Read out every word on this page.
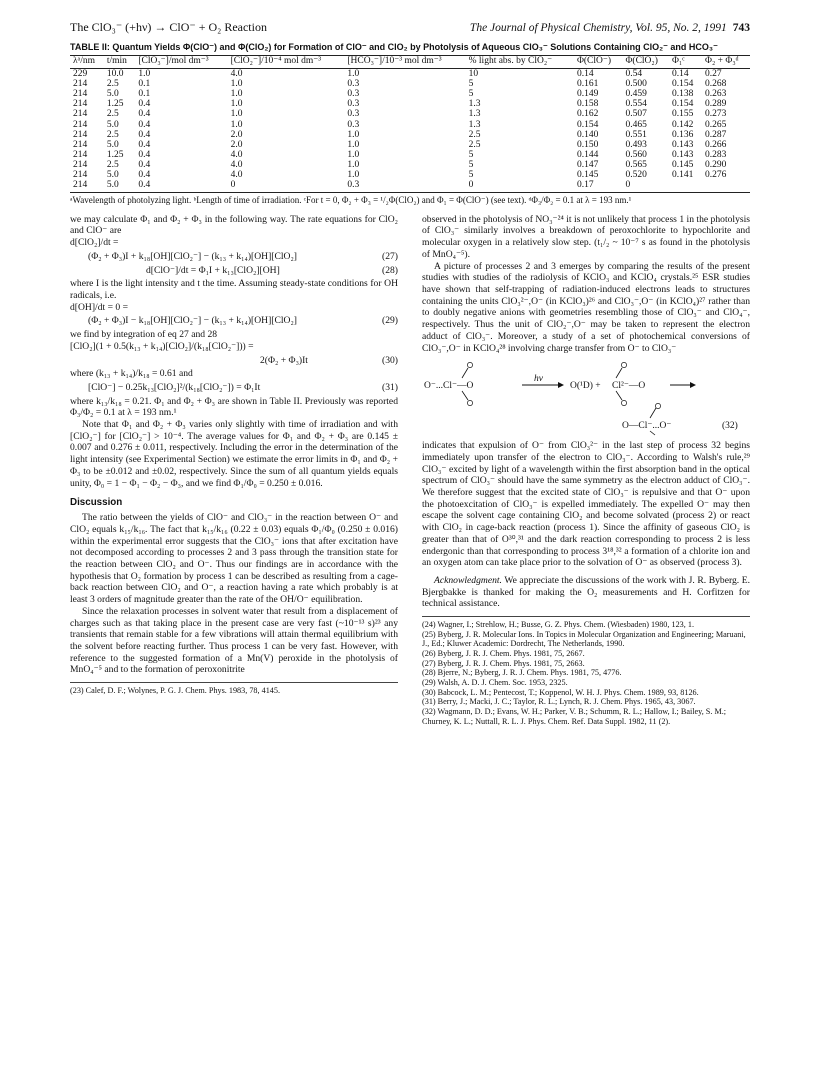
The ClO₃⁻ (+hν) → ClO⁻ + O₂ Reaction	The Journal of Physical Chemistry, Vol. 95, No. 2, 1991 743
TABLE II: Quantum Yields Φ(ClO⁻) and Φ(ClO₂) for Formation of ClO⁻ and ClO₂ by Photolysis of Aqueous ClO₃⁻ Solutions Containing ClO₂⁻ and HCO₃⁻
λᵃ/nm	t/min	[ClO₃⁻]/mol dm⁻³	[ClO₂⁻]/10⁻⁴ mol dm⁻³	[HCO₃⁻]/10⁻³ mol dm⁻³	% light abs. by ClO₂⁻	Φ(ClO⁻)	Φ(ClO₂)	Φ₁ᶜ	Φ₂ + Φ₃ᵈ
229	10.0	1.0	4.0	1.0	10	0.14	0.54	0.14	0.27
214	2.5	0.1	1.0	0.3	5	0.161	0.500	0.154	0.268
214	5.0	0.1	1.0	0.3	5	0.149	0.459	0.138	0.263
214	1.25	0.4	1.0	0.3	1.3	0.158	0.554	0.154	0.289
214	2.5	0.4	1.0	0.3	1.3	0.162	0.507	0.155	0.273
214	5.0	0.4	1.0	0.3	1.3	0.154	0.465	0.142	0.265
214	2.5	0.4	2.0	1.0	2.5	0.140	0.551	0.136	0.287
214	5.0	0.4	2.0	1.0	2.5	0.150	0.493	0.143	0.266
214	1.25	0.4	4.0	1.0	5	0.144	0.560	0.143	0.283
214	2.5	0.4	4.0	1.0	5	0.147	0.565	0.145	0.290
214	5.0	0.4	4.0	1.0	5	0.145	0.520	0.141	0.276
214	5.0	0.4	0	0.3	0	0.17	0		
ᵃWavelength of photolyzing light. ᵇLength of time of irradiation. ᶜFor t = 0, Φ₂ + Φ₃ = ¹/₂Φ(ClO₂) and Φ₁ = Φ(ClO⁻) (see text). ᵈΦ₃/Φ₂ = 0.1 at λ = 193 nm.¹

we may calculate Φ₁ and Φ₂ + Φ₃ in the following way. The rate equations for ClO₂ and ClO⁻ are

d[ClO₂]/dt =
(Φ₂ + Φ₃)I + k₁₈[OH][ClO₂⁻] − (k₁₃ + k₁₄)[OH][ClO₂]	(27)
d[ClO⁻]/dt = Φ₁I + k₁₃[ClO₂][OH]	(28)

where I is the light intensity and t the time. Assuming steady-state conditions for OH radicals, i.e.

d[OH]/dt = 0 =
(Φ₂ + Φ₃)I − k₁₈[OH][ClO₂⁻] − (k₁₃ + k₁₄)[OH][ClO₂]	(29)

we find by integration of eq 27 and 28

[ClO₂](1 + 0.5(k₁₃ + k₁₄)[ClO₂]/(k₁₈[ClO₂⁻])) =
2(Φ₂ + Φ₃)It	(30)

where (k₁₃ + k₁₄)/k₁₈ = 0.61 and

[ClO⁻] − 0.25k₁₃[ClO₂]²/(k₁₈[ClO₂⁻]) = Φ₁It	(31)

where k₁₃/k₁₈ = 0.21. Φ₁ and Φ₂ + Φ₃ are shown in Table II. Previously was reported Φ₃/Φ₂ = 0.1 at λ = 193 nm.¹

Note that Φ₁ and Φ₂ + Φ₃ varies only slightly with time of irradiation and with [ClO₂⁻] for [ClO₂⁻] > 10⁻⁴. The average values for Φ₁ and Φ₂ + Φ₃ are 0.145 ± 0.007 and 0.276 ± 0.011, respectively. Including the error in the determination of the light intensity (see Experimental Section) we estimate the error limits in Φ₁ and Φ₂ + Φ₃ to be ±0.012 and ±0.02, respectively. Since the sum of all quantum yields equals unity, Φ₀ = 1 − Φ₁ − Φ₂ − Φ₃, and we find Φ₁/Φ₀ = 0.250 ± 0.016.

Discussion

The ratio between the yields of ClO⁻ and ClO₃⁻ in the reaction between O⁻ and ClO₂ equals k₁₅/k₁₆. The fact that k₁₅/k₁₆ (0.22 ± 0.03) equals Φ₁/Φ₀ (0.250 ± 0.016) within the experimental error suggests that the ClO₃⁻ ions that after excitation have not decomposed according to processes 2 and 3 pass through the transition state for the reaction between ClO₂ and O⁻. Thus our findings are in accordance with the hypothesis that O₂ formation by process 1 can be described as resulting from a cage-back reaction between ClO₂ and O⁻, a reaction having a rate which probably is at least 3 orders of magnitude greater than the rate of the OH/O⁻ equilibration.

Since the relaxation processes in solvent water that result from a displacement of charges such as that taking place in the present case are very fast (~10⁻¹³ s)²³ any transients that remain stable for a few vibrations will attain thermal equilibrium with the solvent before reacting further. Thus process 1 can be very fast. However, with reference to the suggested formation of a Mn(V) peroxide in the photolysis of MnO₄⁻⁵ and to the formation of peroxonitrite

(23) Calef, D. F.; Wolynes, P. G. J. Chem. Phys. 1983, 78, 4145.

observed in the photolysis of NO₃⁻²⁴ it is not unlikely that process 1 in the photolysis of ClO₃⁻ similarly involves a breakdown of peroxochlorite to hypochlorite and molecular oxygen in a relatively slow step. (t₁/₂ ~ 10⁻⁷ s as found in the photolysis of MnO₄⁻⁵).

A picture of processes 2 and 3 emerges by comparing the results of the present studies with studies of the radiolysis of KClO₃ and KClO₄ crystals.²⁵ ESR studies have shown that self-trapping of radiation-induced electrons leads to structures containing the units ClO₃²⁻,O⁻ (in KClO₃)²⁶ and ClO₃⁻,O⁻ (in KClO₄)²⁷ rather than to doubly negative anions with geometries resembling those of ClO₃⁻ and ClO₄⁻, respectively. Thus the unit of ClO₂⁻,O⁻ may be taken to represent the electron adduct of ClO₃⁻. Moreover, a study of a set of photochemical conversions of ClO₃⁻,O⁻ in KClO₄²⁸ involving charge transfer from O⁻ to ClO₃⁻

O⁻...Cl⁻—O
hν
O(¹D) + Cl²⁻—O
O—Cl⁻...O⁻	(32)

indicates that expulsion of O⁻ from ClO₃²⁻ in the last step of process 32 begins immediately upon transfer of the electron to ClO₃⁻. According to Walsh's rule,²⁹ ClO₃⁻ excited by light of a wavelength within the first absorption band in the optical spectrum of ClO₃⁻ should have the same symmetry as the electron adduct of ClO₃⁻. We therefore suggest that the excited state of ClO₃⁻ is repulsive and that O⁻ upon the photoexcitation of ClO₃⁻ is expelled immediately. The expelled O⁻ may then escape the solvent cage containing ClO₂ and become solvated (process 2) or react with ClO₂ in cage-back reaction (process 1). Since the affinity of gaseous ClO₂ is greater than that of O³⁰,³¹ and the dark reaction corresponding to process 2 is less endergonic than that corresponding to process 3¹⁸,³² a formation of a chlorite ion and an oxygen atom can take place prior to the solvation of O⁻ as observed (process 3).

Acknowledgment. We appreciate the discussions of the work with J. R. Byberg. E. Bjergbakke is thanked for making the O₂ measurements and H. Corfitzen for technical assistance.

(24) Wagner, I.; Strehlow, H.; Busse, G. Z. Phys. Chem. (Wiesbaden) 1980, 123, 1.
(25) Byberg, J. R. Molecular Ions. In Topics in Molecular Organization and Engineering; Maruani, J., Ed.; Kluwer Academic: Dordrecht, The Netherlands, 1990.
(26) Byberg, J. R. J. Chem. Phys. 1981, 75, 2667.
(27) Byberg, J. R. J. Chem. Phys. 1981, 75, 2663.
(28) Bjerre, N.; Byberg, J. R. J. Chem. Phys. 1981, 75, 4776.
(29) Walsh, A. D. J. Chem. Soc. 1953, 2325.
(30) Babcock, L. M.; Pentecost, T.; Koppenol, W. H. J. Phys. Chem. 1989, 93, 8126.
(31) Berry, J.; Macki, J. C.; Taylor, R. L.; Lynch, R. J. Chem. Phys. 1965, 43, 3067.
(32) Wagmann, D. D.; Evans, W. H.; Parker, V. B.; Schumm, R. L.; Hallow, I.; Bailey, S. M.; Churney, K. L.; Nuttall, R. L. J. Phys. Chem. Ref. Data Suppl. 1982, 11 (2).
